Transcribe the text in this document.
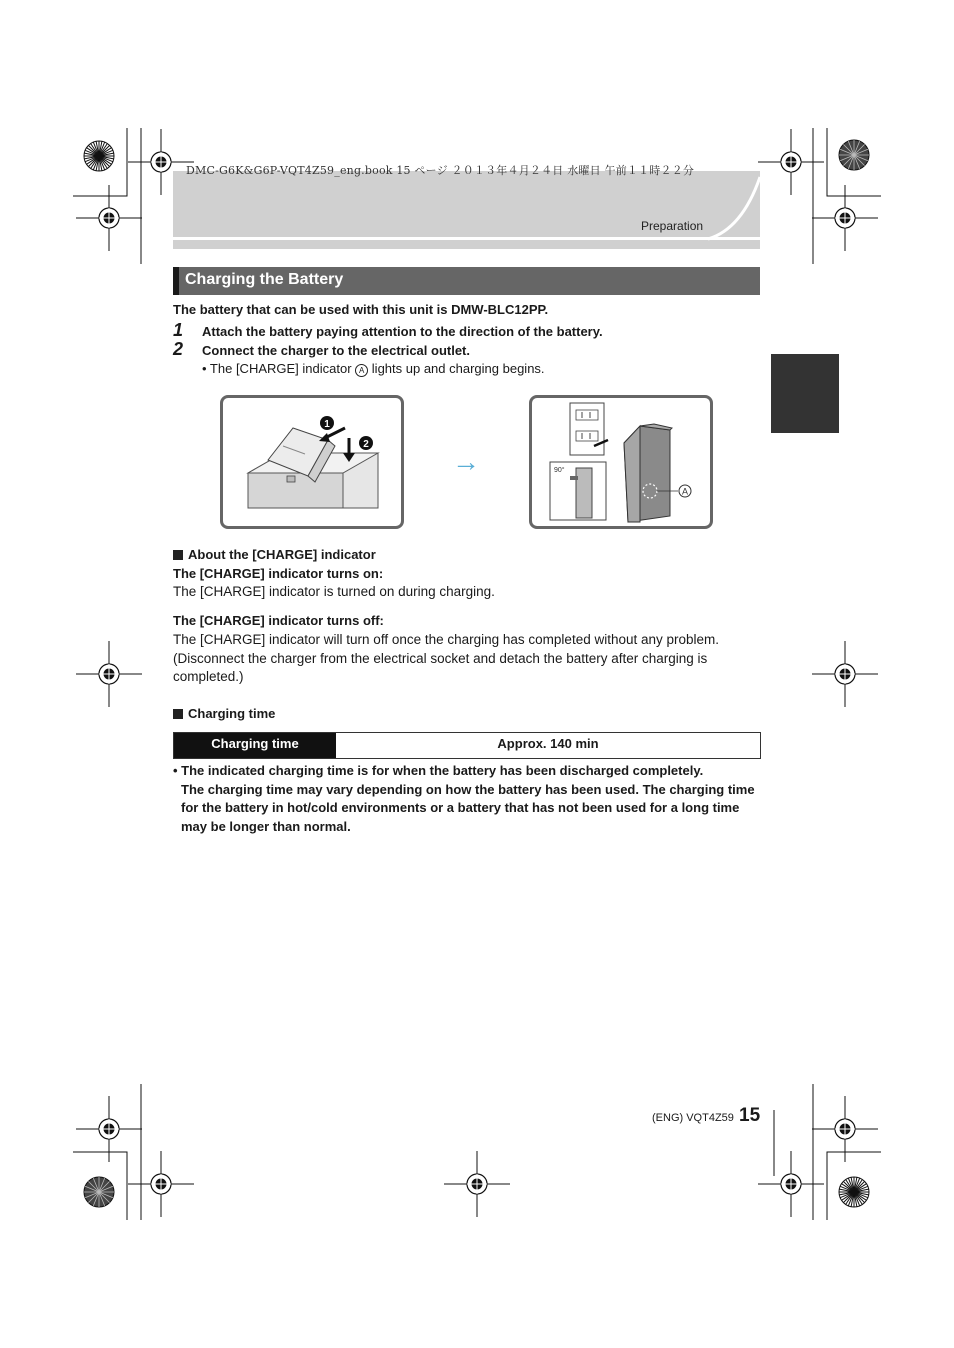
DMC-G6K&G6P-VQT4Z59_eng.book 15 ページ ２０１３年４月２４日 水曜日 午前１１時２２分
Preparation
Charging the Battery
The battery that can be used with this unit is DMW-BLC12PP.
1 Attach the battery paying attention to the direction of the battery.
2 Connect the charger to the electrical outlet.
• The [CHARGE] indicator A lights up and charging begins.
1
2
→	90°
A
About the [CHARGE] indicator
The [CHARGE] indicator turns on:
The [CHARGE] indicator is turned on during charging.
The [CHARGE] indicator turns off:
The [CHARGE] indicator will turn off once the charging has completed without any problem. (Disconnect the charger from the electrical socket and detach the battery after charging is completed.)
Charging time
Charging time	Approx. 140 min
• The indicated charging time is for when the battery has been discharged completely.
The charging time may vary depending on how the battery has been used. The charging time for the battery in hot/cold environments or a battery that has not been used for a long time may be longer than normal.
(ENG) VQT4Z59 15
